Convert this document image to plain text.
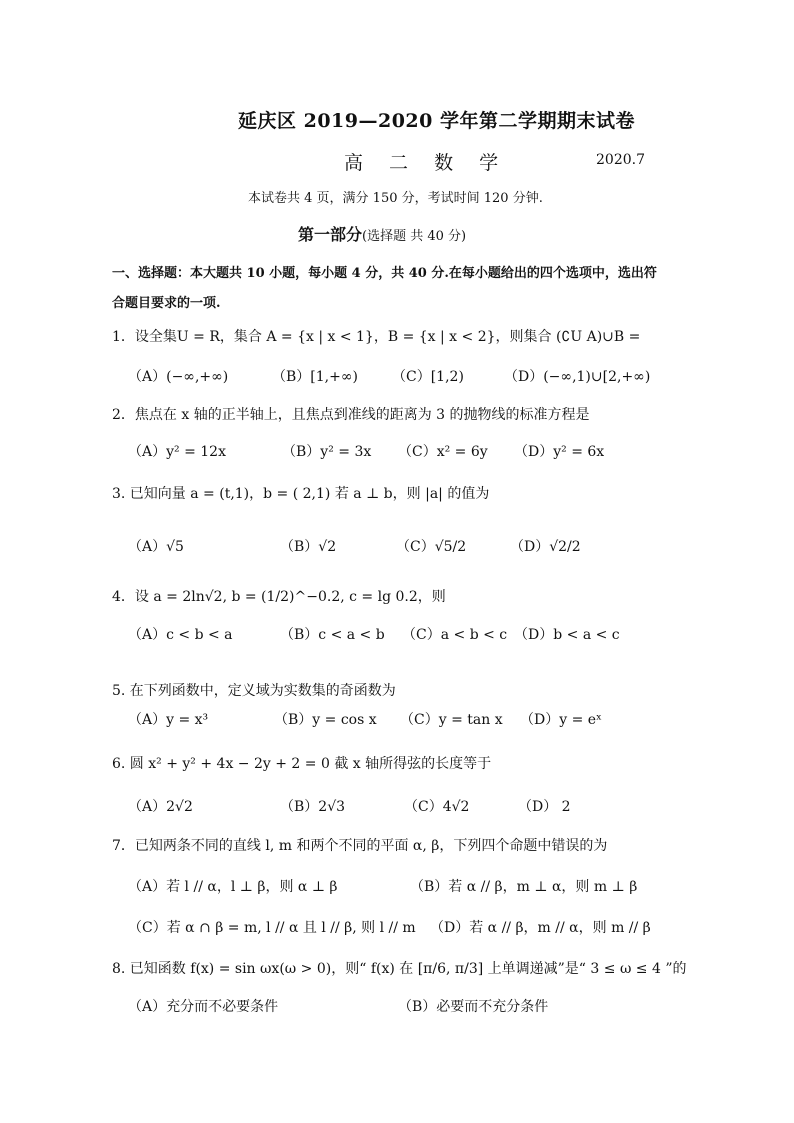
延庆区 2019—2020 学年第二学期期末试卷
高 二 数 学	2020.7
本试卷共 4 页，满分 150 分，考试时间 120 分钟.
第一部分(选择题 共 40 分)
一、选择题：本大题共 10 小题，每小题 4 分，共 40 分.在每小题给出的四个选项中，选出符
合题目要求的一项.
1．设全集U = R，集合 A = {x | x < 1}，B = {x | x < 2}，则集合 (∁U A)∪B =
（A）(−∞,+∞)	（B）[1,+∞) （C）[1,2)	（D）(−∞,1)∪[2,+∞)
2．焦点在 x 轴的正半轴上，且焦点到准线的距离为 3 的抛物线的标准方程是
（A）y² = 12x	（B）y² = 3x （C）x² = 6y （D）y² = 6x
3. 已知向量 a = (t,1)，b = ( 2,1) 若 a ⊥ b，则 |a| 的值为
（A）√5	（B）√2	（C）√5/2	（D）√2/2
4．设 a = 2ln√2, b = (1/2)^−0.2, c = lg 0.2，则
（A）c < b < a	（B）c < a < b （C）a < b < c （D）b < a < c
5. 在下列函数中，定义域为实数集的奇函数为
（A）y = x³	（B）y = cos x （C）y = tan x （D）y = eˣ
6. 圆 x² + y² + 4x − 2y + 2 = 0 截 x 轴所得弦的长度等于
（A）2√2	（B）2√3	（C）4√2	（D） 2
7．已知两条不同的直线 l, m 和两个不同的平面 α, β，下列四个命题中错误的为
（A）若 l // α，l ⊥ β，则 α ⊥ β	（B）若 α // β，m ⊥ α，则 m ⊥ β
（C）若 α ∩ β = m, l // α 且 l // β, 则 l // m （D）若 α // β，m // α，则 m // β
8. 已知函数 f(x) = sin ωx(ω > 0)，则“ f(x) 在 [π/6, π/3] 上单调递减”是“ 3 ≤ ω ≤ 4 ”的
（A）充分而不必要条件	（B）必要而不充分条件
